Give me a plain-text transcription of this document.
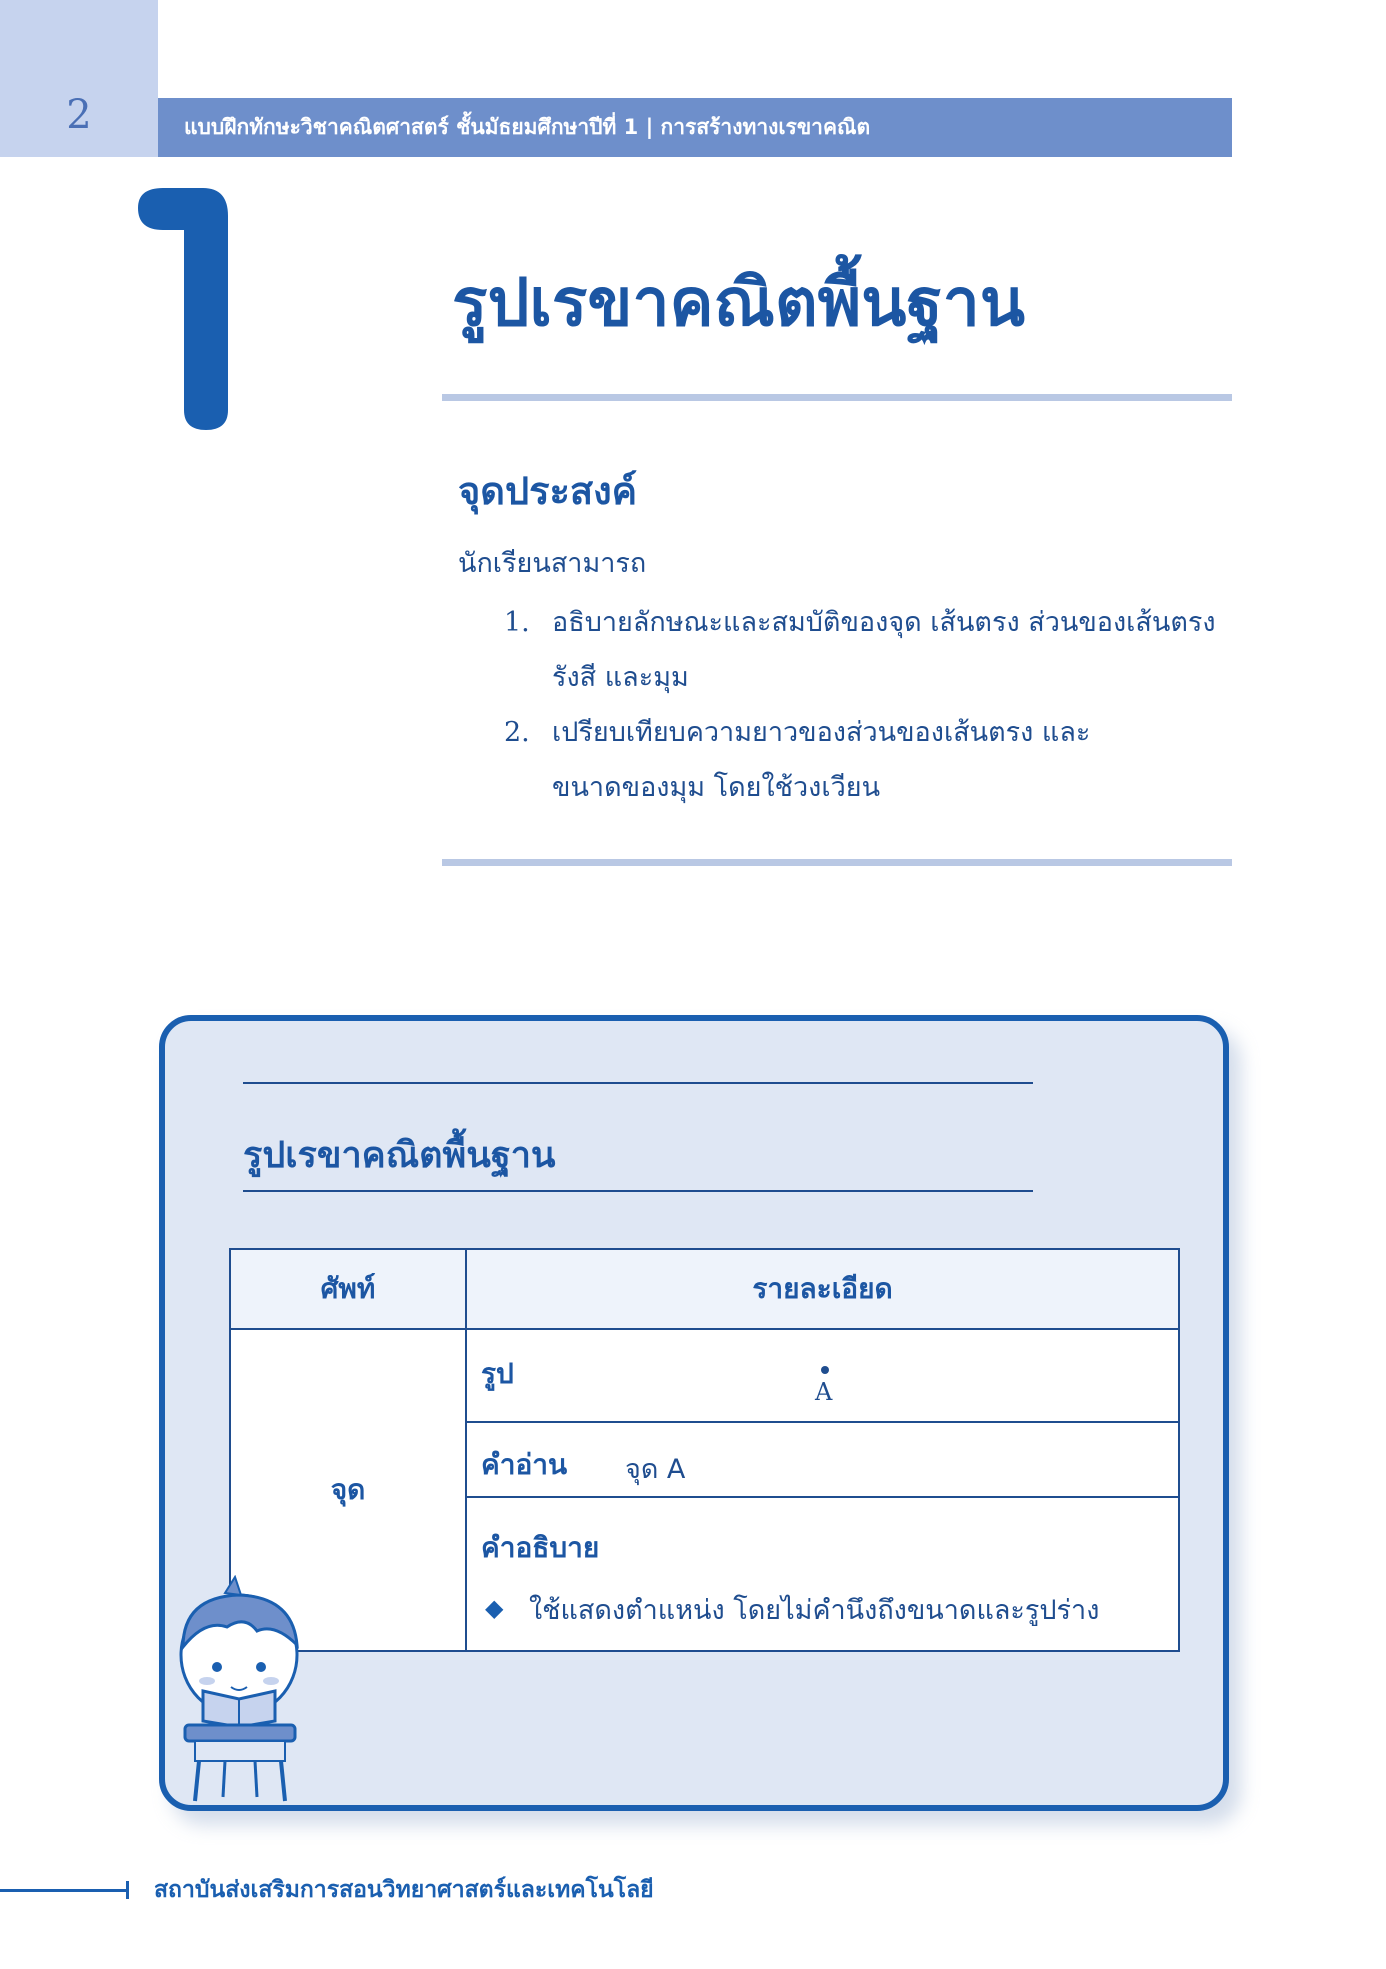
2	แบบฝึกทักษะวิชาคณิตศาสตร์ ชั้นมัธยมศึกษาปีที่ 1 | การสร้างทางเรขาคณิต
รูปเรขาคณิตพื้นฐาน
จุดประสงค์
นักเรียนสามารถ
1. อธิบายลักษณะและสมบัติของจุด เส้นตรง ส่วนของเส้นตรง
รังสี และมุม
2. เปรียบเทียบความยาวของส่วนของเส้นตรง และ
ขนาดของมุม โดยใช้วงเวียน
รูปเรขาคณิตพื้นฐาน
ศัพท์	รายละเอียด
จุด	รูป
A

	คำอ่าน จุด A

	คำอธิบาย
◆ ใช้แสดงตำแหน่ง โดยไม่คำนึงถึงขนาดและรูปร่าง
สถาบันส่งเสริมการสอนวิทยาศาสตร์และเทคโนโลยี
